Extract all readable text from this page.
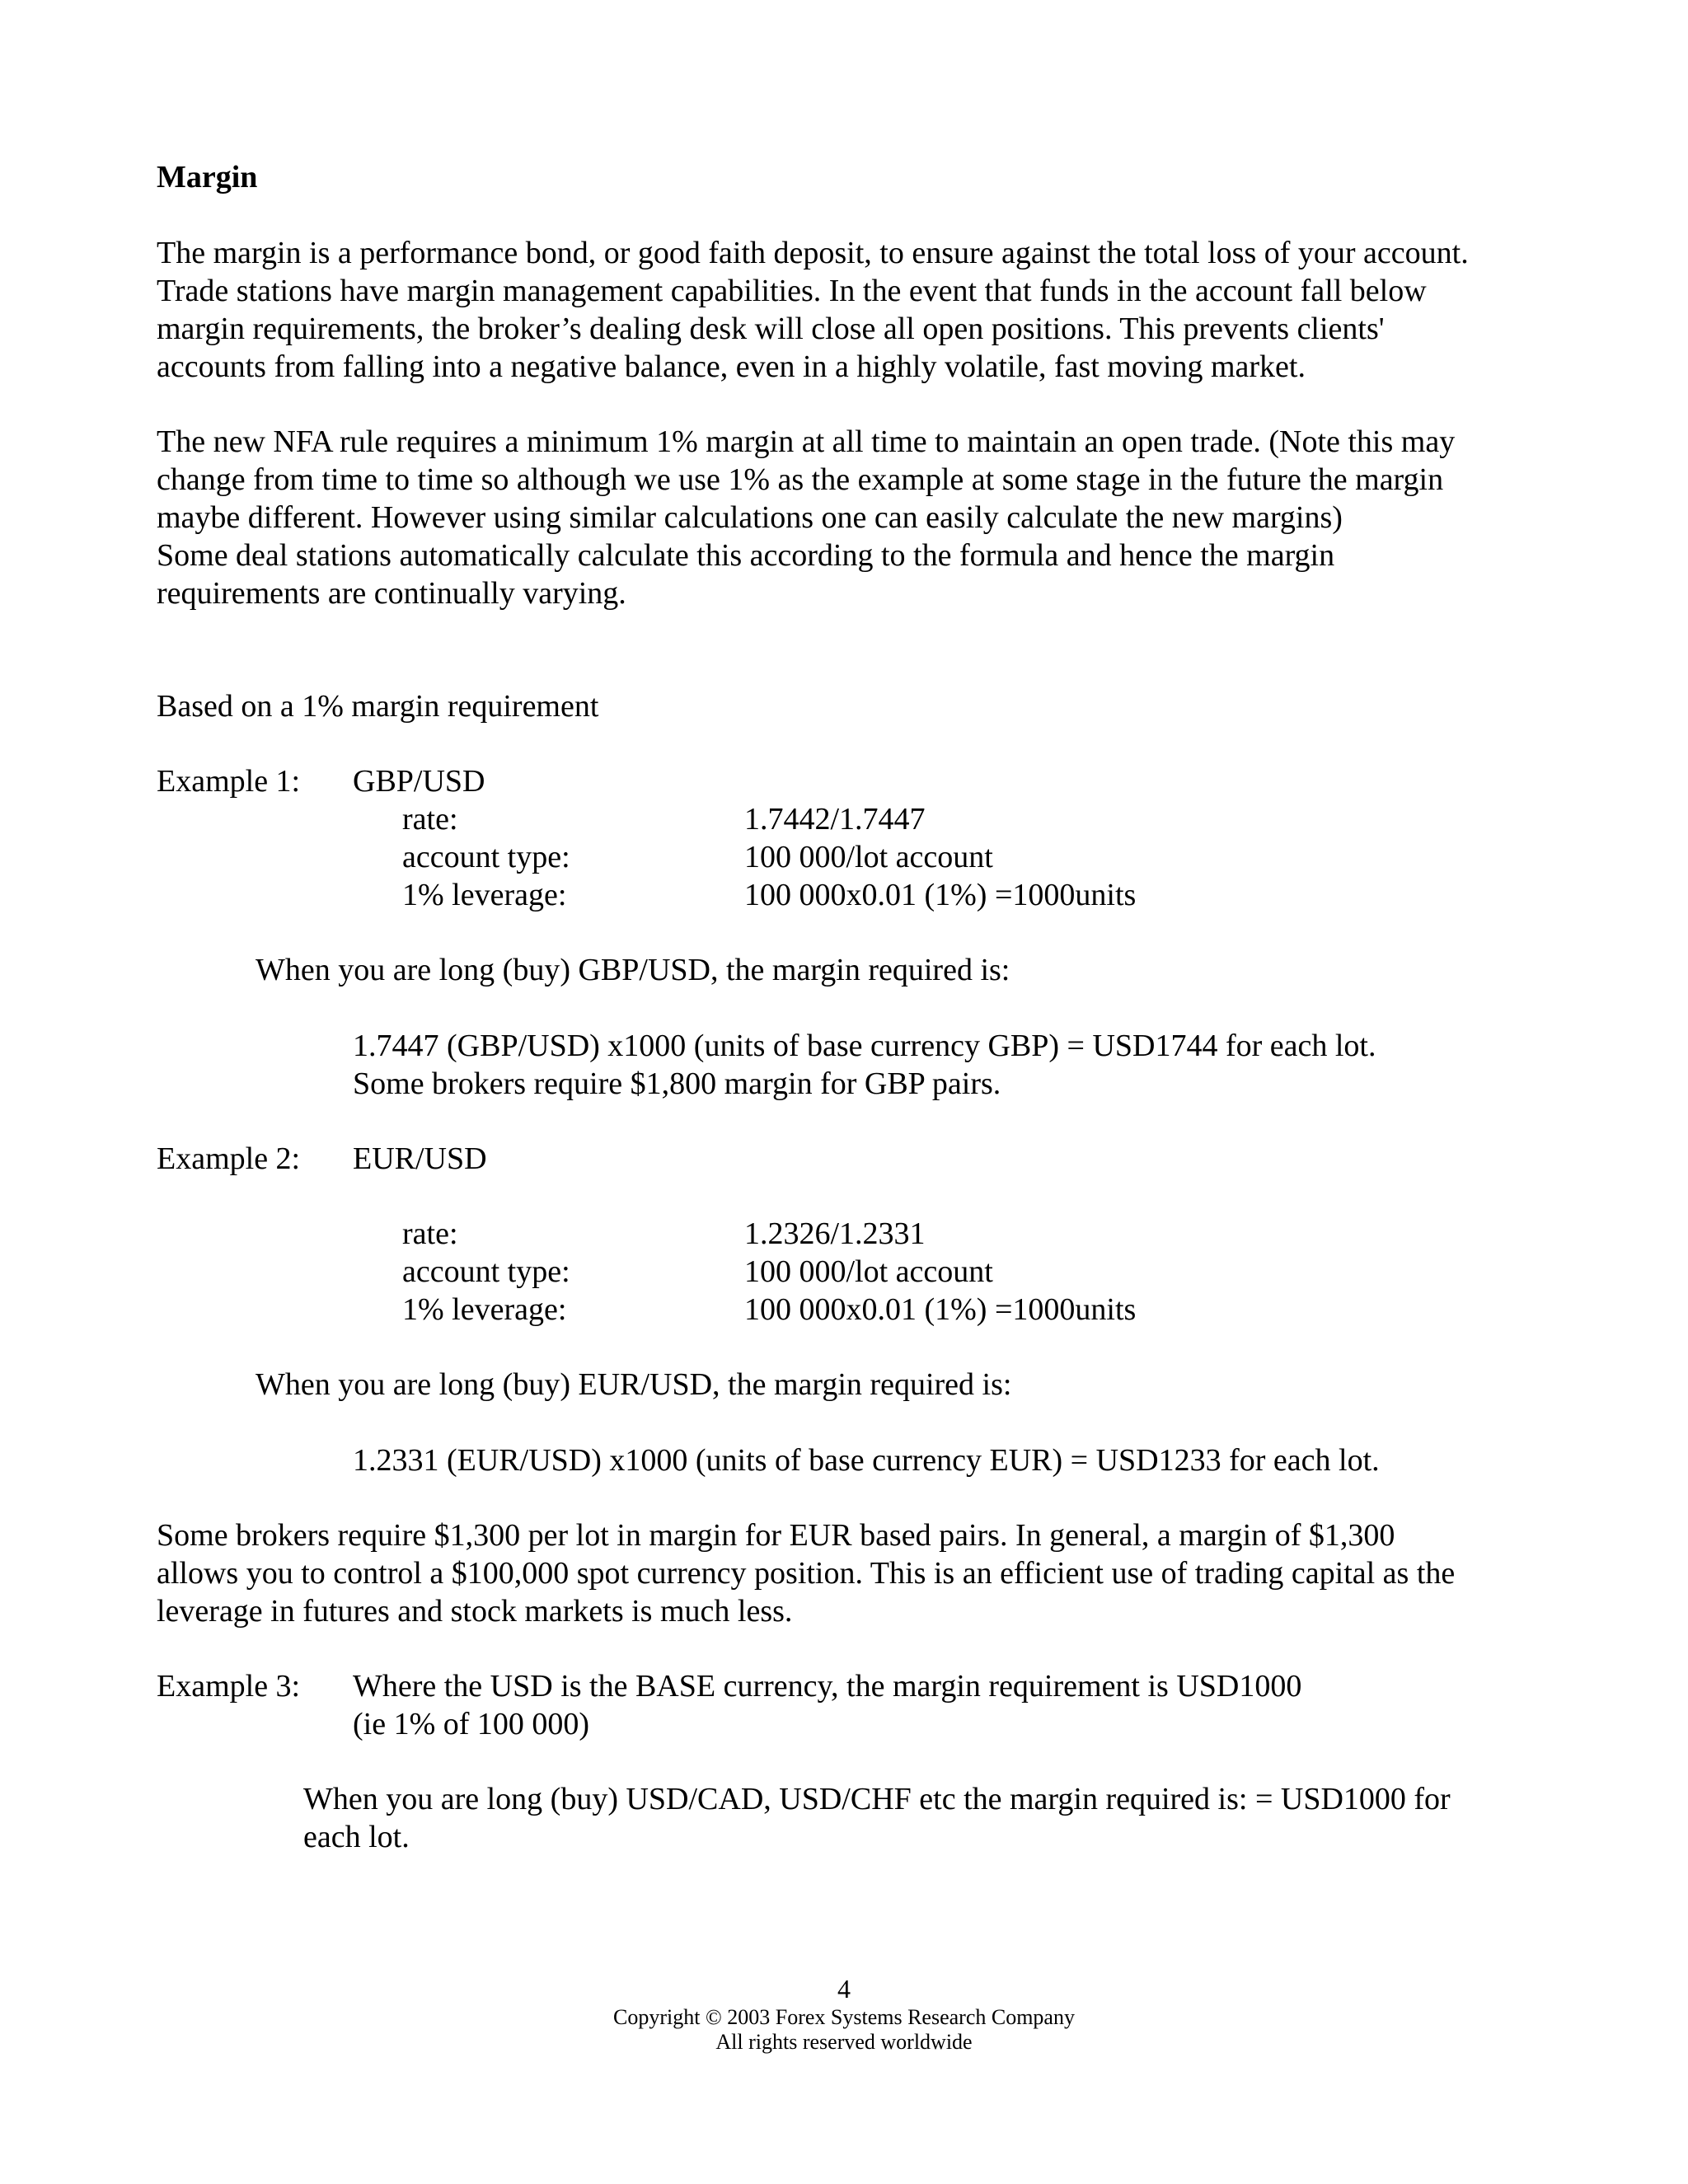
Margin
The margin is a performance bond, or good faith deposit, to ensure against the total loss of your account.
Trade stations have margin management capabilities. In the event that funds in the account fall below
margin requirements, the broker’s dealing desk will close all open positions. This prevents clients'
accounts from falling into a negative balance, even in a highly volatile, fast moving market.
The new NFA rule requires a minimum 1% margin at all time to maintain an open trade. (Note this may
change from time to time so although we use 1% as the example at some stage in the future the margin
maybe different. However using similar calculations one can easily calculate the new margins)
Some deal stations automatically calculate this according to the formula and hence the margin
requirements are continually varying.
Based on a 1% margin requirement
Example 1: GBP/USD
rate:	1.7442/1.7447
account type:	100 000/lot account
1% leverage:	100 000x0.01 (1%) =1000units
When you are long (buy) GBP/USD, the margin required is:
1.7447 (GBP/USD) x1000 (units of base currency GBP) = USD1744 for each lot.
Some brokers require $1,800 margin for GBP pairs.
Example 2: EUR/USD
rate:	1.2326/1.2331
account type:	100 000/lot account
1% leverage:	100 000x0.01 (1%) =1000units
When you are long (buy) EUR/USD, the margin required is:
1.2331 (EUR/USD) x1000 (units of base currency EUR) = USD1233 for each lot.
Some brokers require $1,300 per lot in margin for EUR based pairs. In general, a margin of $1,300
allows you to control a $100,000 spot currency position. This is an efficient use of trading capital as the
leverage in futures and stock markets is much less.
Example 3: Where the USD is the BASE currency, the margin requirement is USD1000
(ie 1% of 100 000)
When you are long (buy) USD/CAD, USD/CHF etc the margin required is: = USD1000 for
each lot.
4
Copyright © 2003 Forex Systems Research Company
All rights reserved worldwide
